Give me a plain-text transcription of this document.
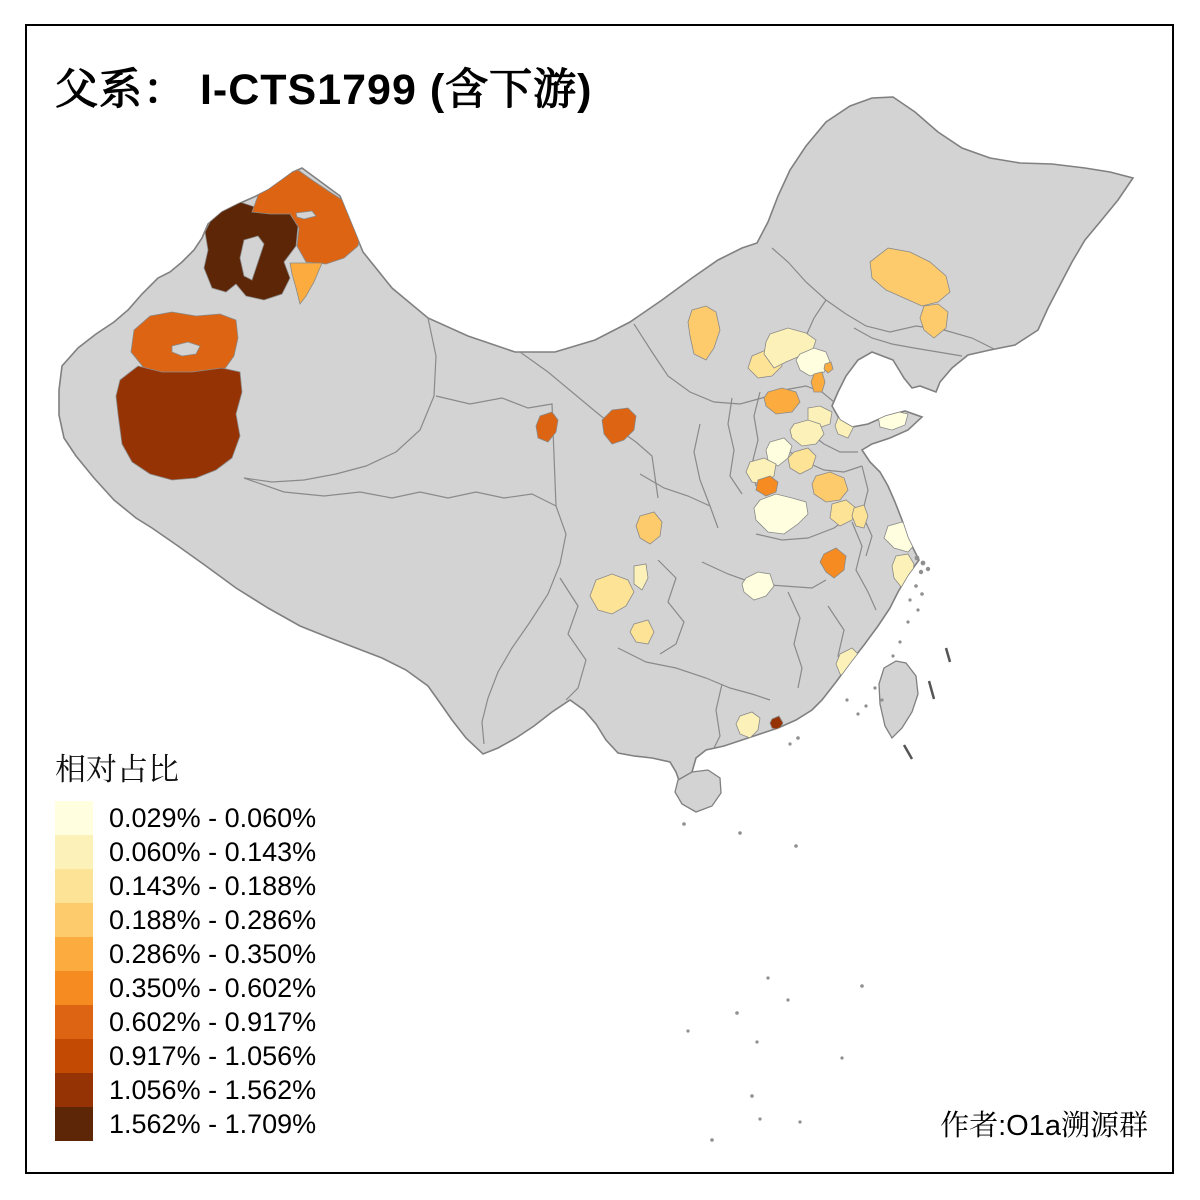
父系： I-CTS1799 (含下游)
相对占比
0.029% - 0.060%
0.060% - 0.143%
0.143% - 0.188%
0.188% - 0.286%
0.286% - 0.350%
0.350% - 0.602%
0.602% - 0.917%
0.917% - 1.056%
1.056% - 1.562%
1.562% - 1.709%	作者:O1a溯源群
